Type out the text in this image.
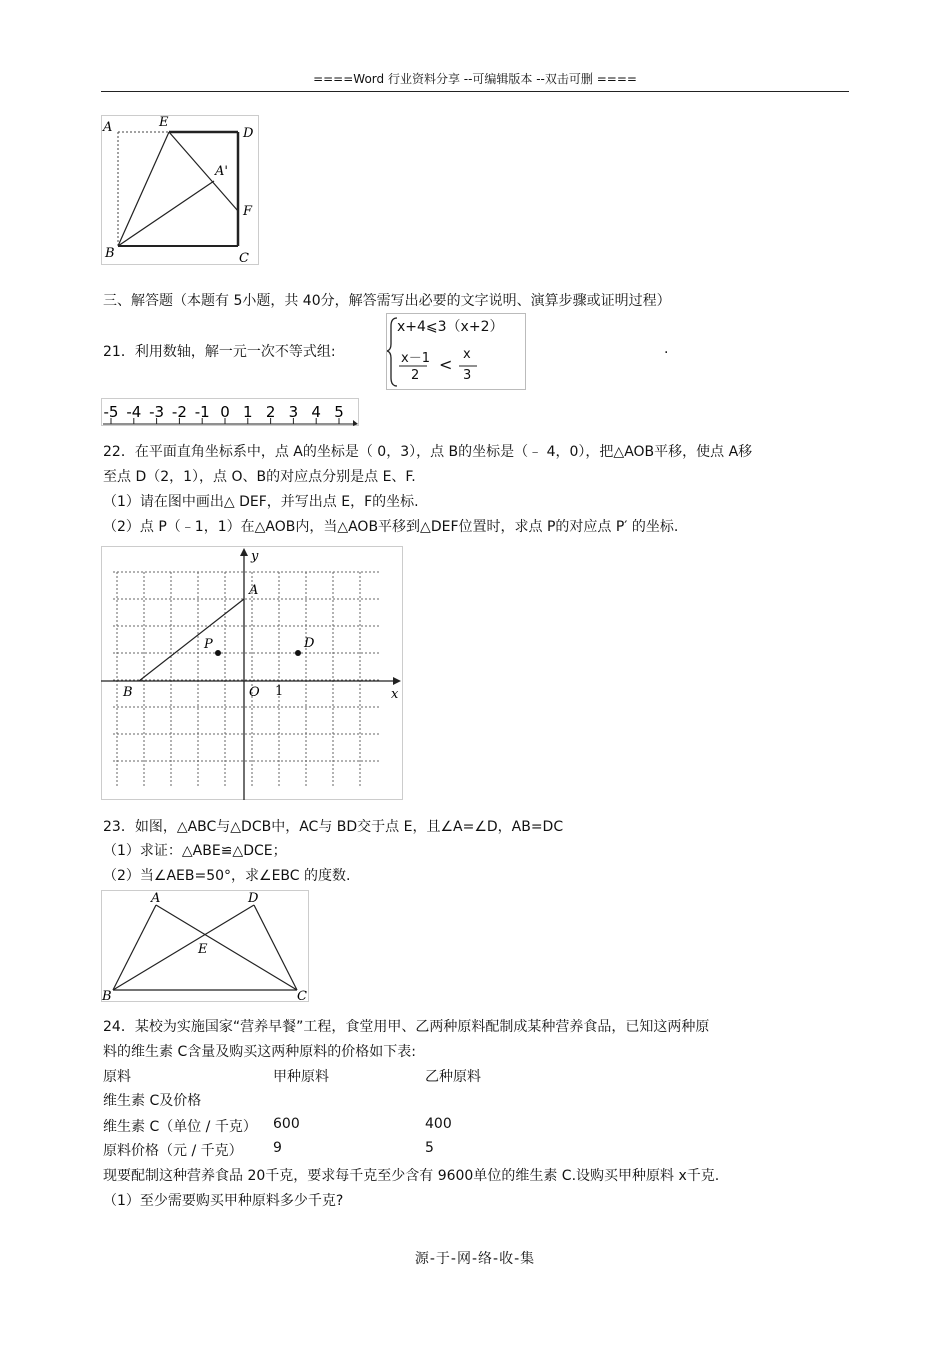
====Word 行业资料分享 --可编辑版本 --双击可删 ====
A	E
D
A'
F
B	C
三、解答题（本题有 5小题，共 40分，解答需写出必要的文字说明、演算步骤或证明过程）
21．利用数轴，解一元一次不等式组:
x+4⩽3（x+2）
x－1
2
<
x
3
.
-5 -4 -3 -2 -1 0 1 2 3 4 5
22．在平面直角坐标系中，点 A的坐标是（ 0，3），点 B的坐标是（﹣ 4，0），把△AOB平移，使点 A移
至点 D（2，1），点 O、B的对应点分别是点 E、F.
（1）请在图中画出△ DEF，并写出点 E，F的坐标.
（2）点 P（﹣1，1）在△AOB内，当△AOB平移到△DEF位置时，求点 P的对应点 P′ 的坐标.
y
x
A
P	D
B	O 1
23．如图，△ABC与△DCB中，AC与 BD交于点 E，且∠A=∠D，AB=DC
（1）求证：△ABE≌△DCE；
（2）当∠AEB=50°，求∠EBC 的度数.
A	D
E
B	C
24．某校为实施国家“营养早餐”工程，食堂用甲、乙两种原料配制成某种营养食品，已知这两种原
料的维生素 C含量及购买这两种原料的价格如下表:
原料	甲种原料	乙种原料
维生素 C及价格
维生素 C（单位 / 千克） 600	400
原料价格（元 / 千克） 9	5
现要配制这种营养食品 20千克，要求每千克至少含有 9600单位的维生素 C.设购买甲种原料 x千克.
（1）至少需要购买甲种原料多少千克?
源-于-网-络-收-集
